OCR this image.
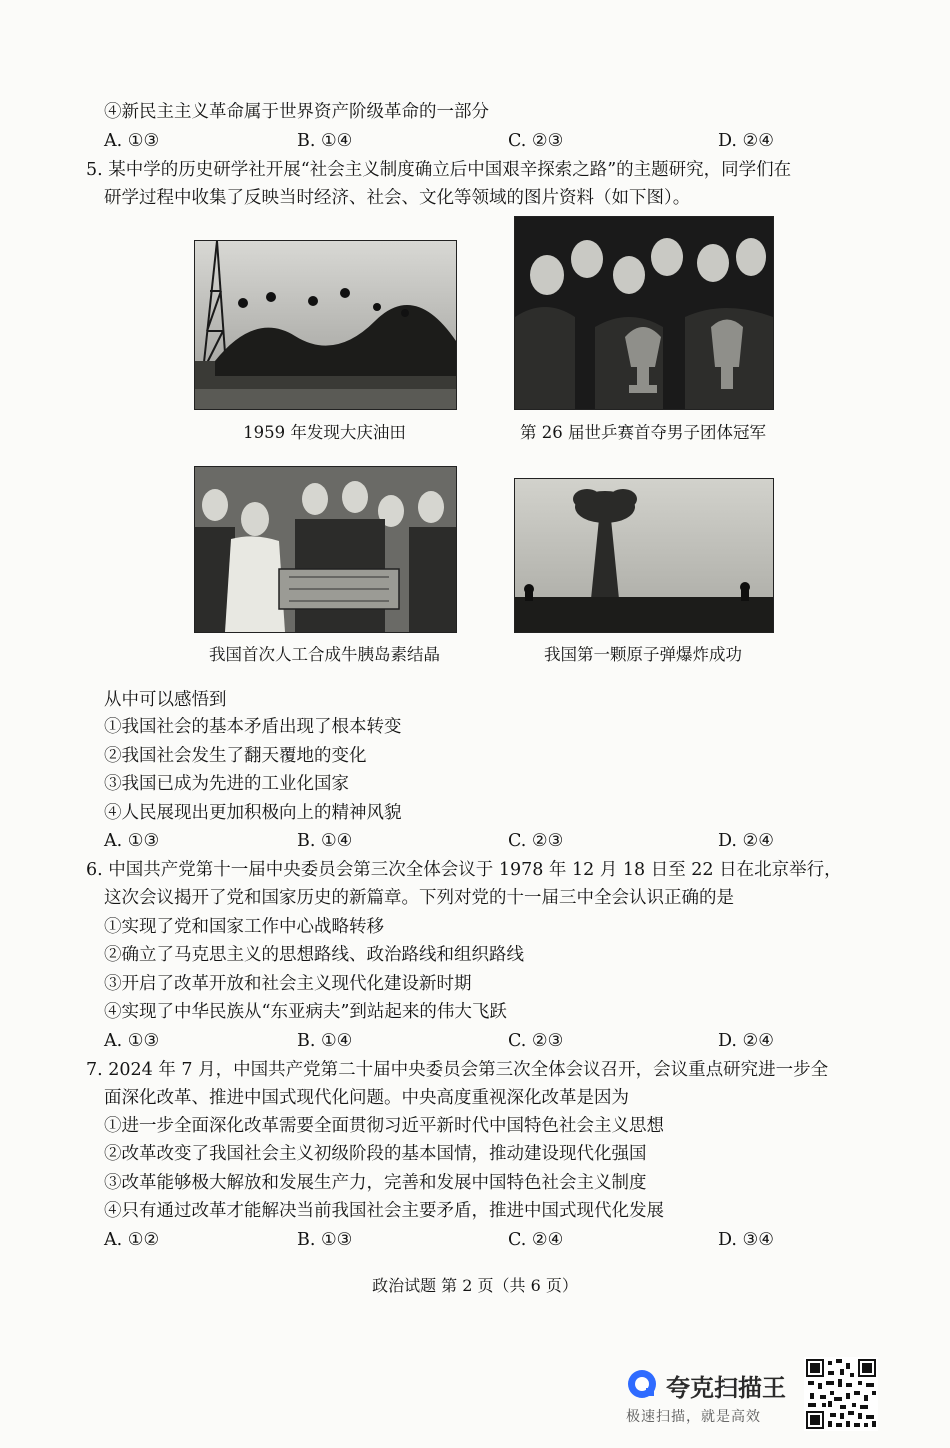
④新民主主义革命属于世界资产阶级革命的一部分
A. ①③	B. ①④	C. ②③	D. ②④
5. 某中学的历史研学社开展“社会主义制度确立后中国艰辛探索之路”的主题研究，同学们在
研学过程中收集了反映当时经济、社会、文化等领域的图片资料（如下图）。
1959 年发现大庆油田	第 26 届世乒赛首夺男子团体冠军
我国首次人工合成牛胰岛素结晶	我国第一颗原子弹爆炸成功
从中可以感悟到
①我国社会的基本矛盾出现了根本转变
②我国社会发生了翻天覆地的变化
③我国已成为先进的工业化国家
④人民展现出更加积极向上的精神风貌
A. ①③	B. ①④	C. ②③	D. ②④
6. 中国共产党第十一届中央委员会第三次全体会议于 1978 年 12 月 18 日至 22 日在北京举行，
这次会议揭开了党和国家历史的新篇章。下列对党的十一届三中全会认识正确的是
①实现了党和国家工作中心战略转移
②确立了马克思主义的思想路线、政治路线和组织路线
③开启了改革开放和社会主义现代化建设新时期
④实现了中华民族从“东亚病夫”到站起来的伟大飞跃
A. ①③	B. ①④	C. ②③	D. ②④
7. 2024 年 7 月，中国共产党第二十届中央委员会第三次全体会议召开，会议重点研究进一步全
面深化改革、推进中国式现代化问题。中央高度重视深化改革是因为
①进一步全面深化改革需要全面贯彻习近平新时代中国特色社会主义思想
②改革改变了我国社会主义初级阶段的基本国情，推动建设现代化强国
③改革能够极大解放和发展生产力，完善和发展中国特色社会主义制度
④只有通过改革才能解决当前我国社会主要矛盾，推进中国式现代化发展
A. ①②	B. ①③	C. ②④	D. ③④
政治试题 第 2 页（共 6 页）
夸克扫描王
极速扫描，就是高效
